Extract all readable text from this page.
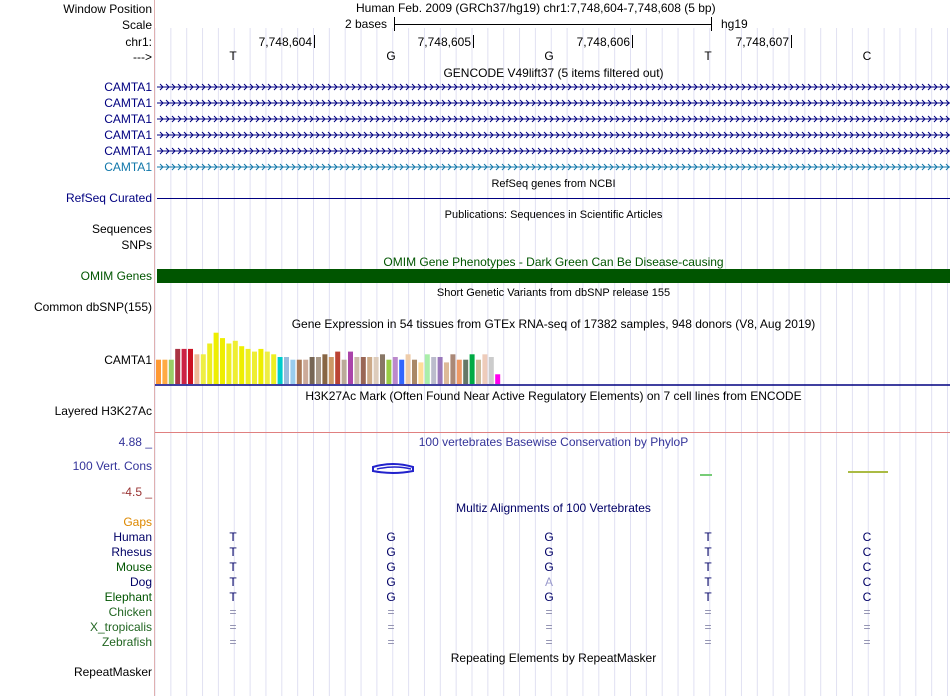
Window Position	Human Feb. 2009 (GRCh37/hg19) chr1:7,748,604-7,748,608 (5 bp)
Scale	2 bases	hg19
chr1:	7,748,604	7,748,605	7,748,606	7,748,607
--->	T	G	G	T	C
GENCODE V49lift37 (5 items filtered out)
CAMTA1
CAMTA1
CAMTA1
CAMTA1
CAMTA1
CAMTA1
RefSeq genes from NCBI
RefSeq Curated
Publications: Sequences in Scientific Articles
Sequences
SNPs
OMIM Gene Phenotypes - Dark Green Can Be Disease-causing
OMIM Genes
Short Genetic Variants from dbSNP release 155
Common dbSNP(155)
Gene Expression in 54 tissues from GTEx RNA-seq of 17382 samples, 948 donors (V8, Aug 2019)
CAMTA1
H3K27Ac Mark (Often Found Near Active Regulatory Elements) on 7 cell lines from ENCODE
Layered H3K27Ac
4.88 _	100 vertebrates Basewise Conservation by PhyloP
100 Vert. Cons
-4.5 _
Multiz Alignments of 100 Vertebrates
Gaps
Human	T	G	G	T	C
Rhesus	T	G	G	T	C
Mouse	T	G	G	T	C
Dog	T	G	A	T	C
Elephant	T	G	G	T	C
Chicken	=	=	=	=	=
X_tropicalis	=	=	=	=	=
Zebrafish	=	=	=	=	=
Repeating Elements by RepeatMasker
RepeatMasker
